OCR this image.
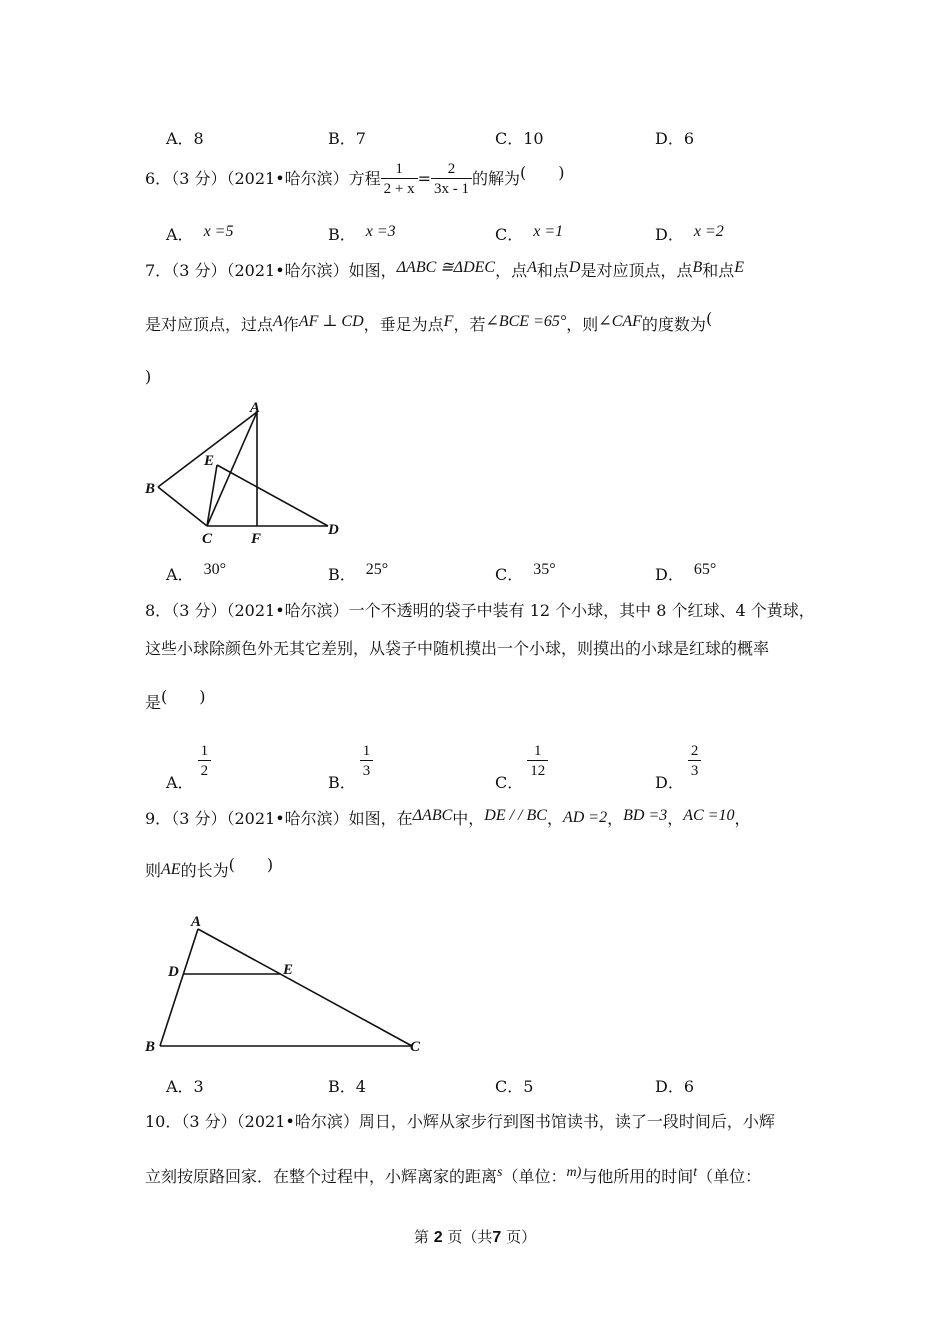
A．8	B．7	C．10	D．6
6．（3 分）（2021•哈尔滨）方程 $\frac{1}{2 + x} = \frac{2}{3x - 1}$ 的解为(　　)
A． x =5	B． x =3	C． x =1	D． x =2
7．（3 分）（2021•哈尔滨）如图，ΔABC ≅ΔDEC，点A和点D是对应顶点，点B和点E
是对应顶点，过点A作AF ⊥ CD，垂足为点F，若∠BCE =65°，则∠CAF的度数为(
)
A
B
C
D
E
F
A． 30°	B． 25°	C． 35°	D． 65°
8．（3 分）（2021•哈尔滨）一个不透明的袋子中装有 12 个小球，其中 8 个红球、4 个黄球，
这些小球除颜色外无其它差别，从袋子中随机摸出一个小球，则摸出的小球是红球的概率
是(　　)
A．
$\frac{1}{2}$
B．
$\frac{1}{3}$
C．
$\frac{1}{12}$
D．
$\frac{2}{3}$
9．（3 分）（2021•哈尔滨）如图，在ΔABC中，DE / / BC，AD =2，BD =3，AC =10，
则AE的长为(　　)
A
B	C
D	E
A．3	B．4	C．5	D．6
10．（3 分）（2021•哈尔滨）周日，小辉从家步行到图书馆读书，读了一段时间后，小辉
立刻按原路回家．在整个过程中，小辉离家的距离s（单位：m)与他所用的时间t（单位：
第 2 页（共7 页）
